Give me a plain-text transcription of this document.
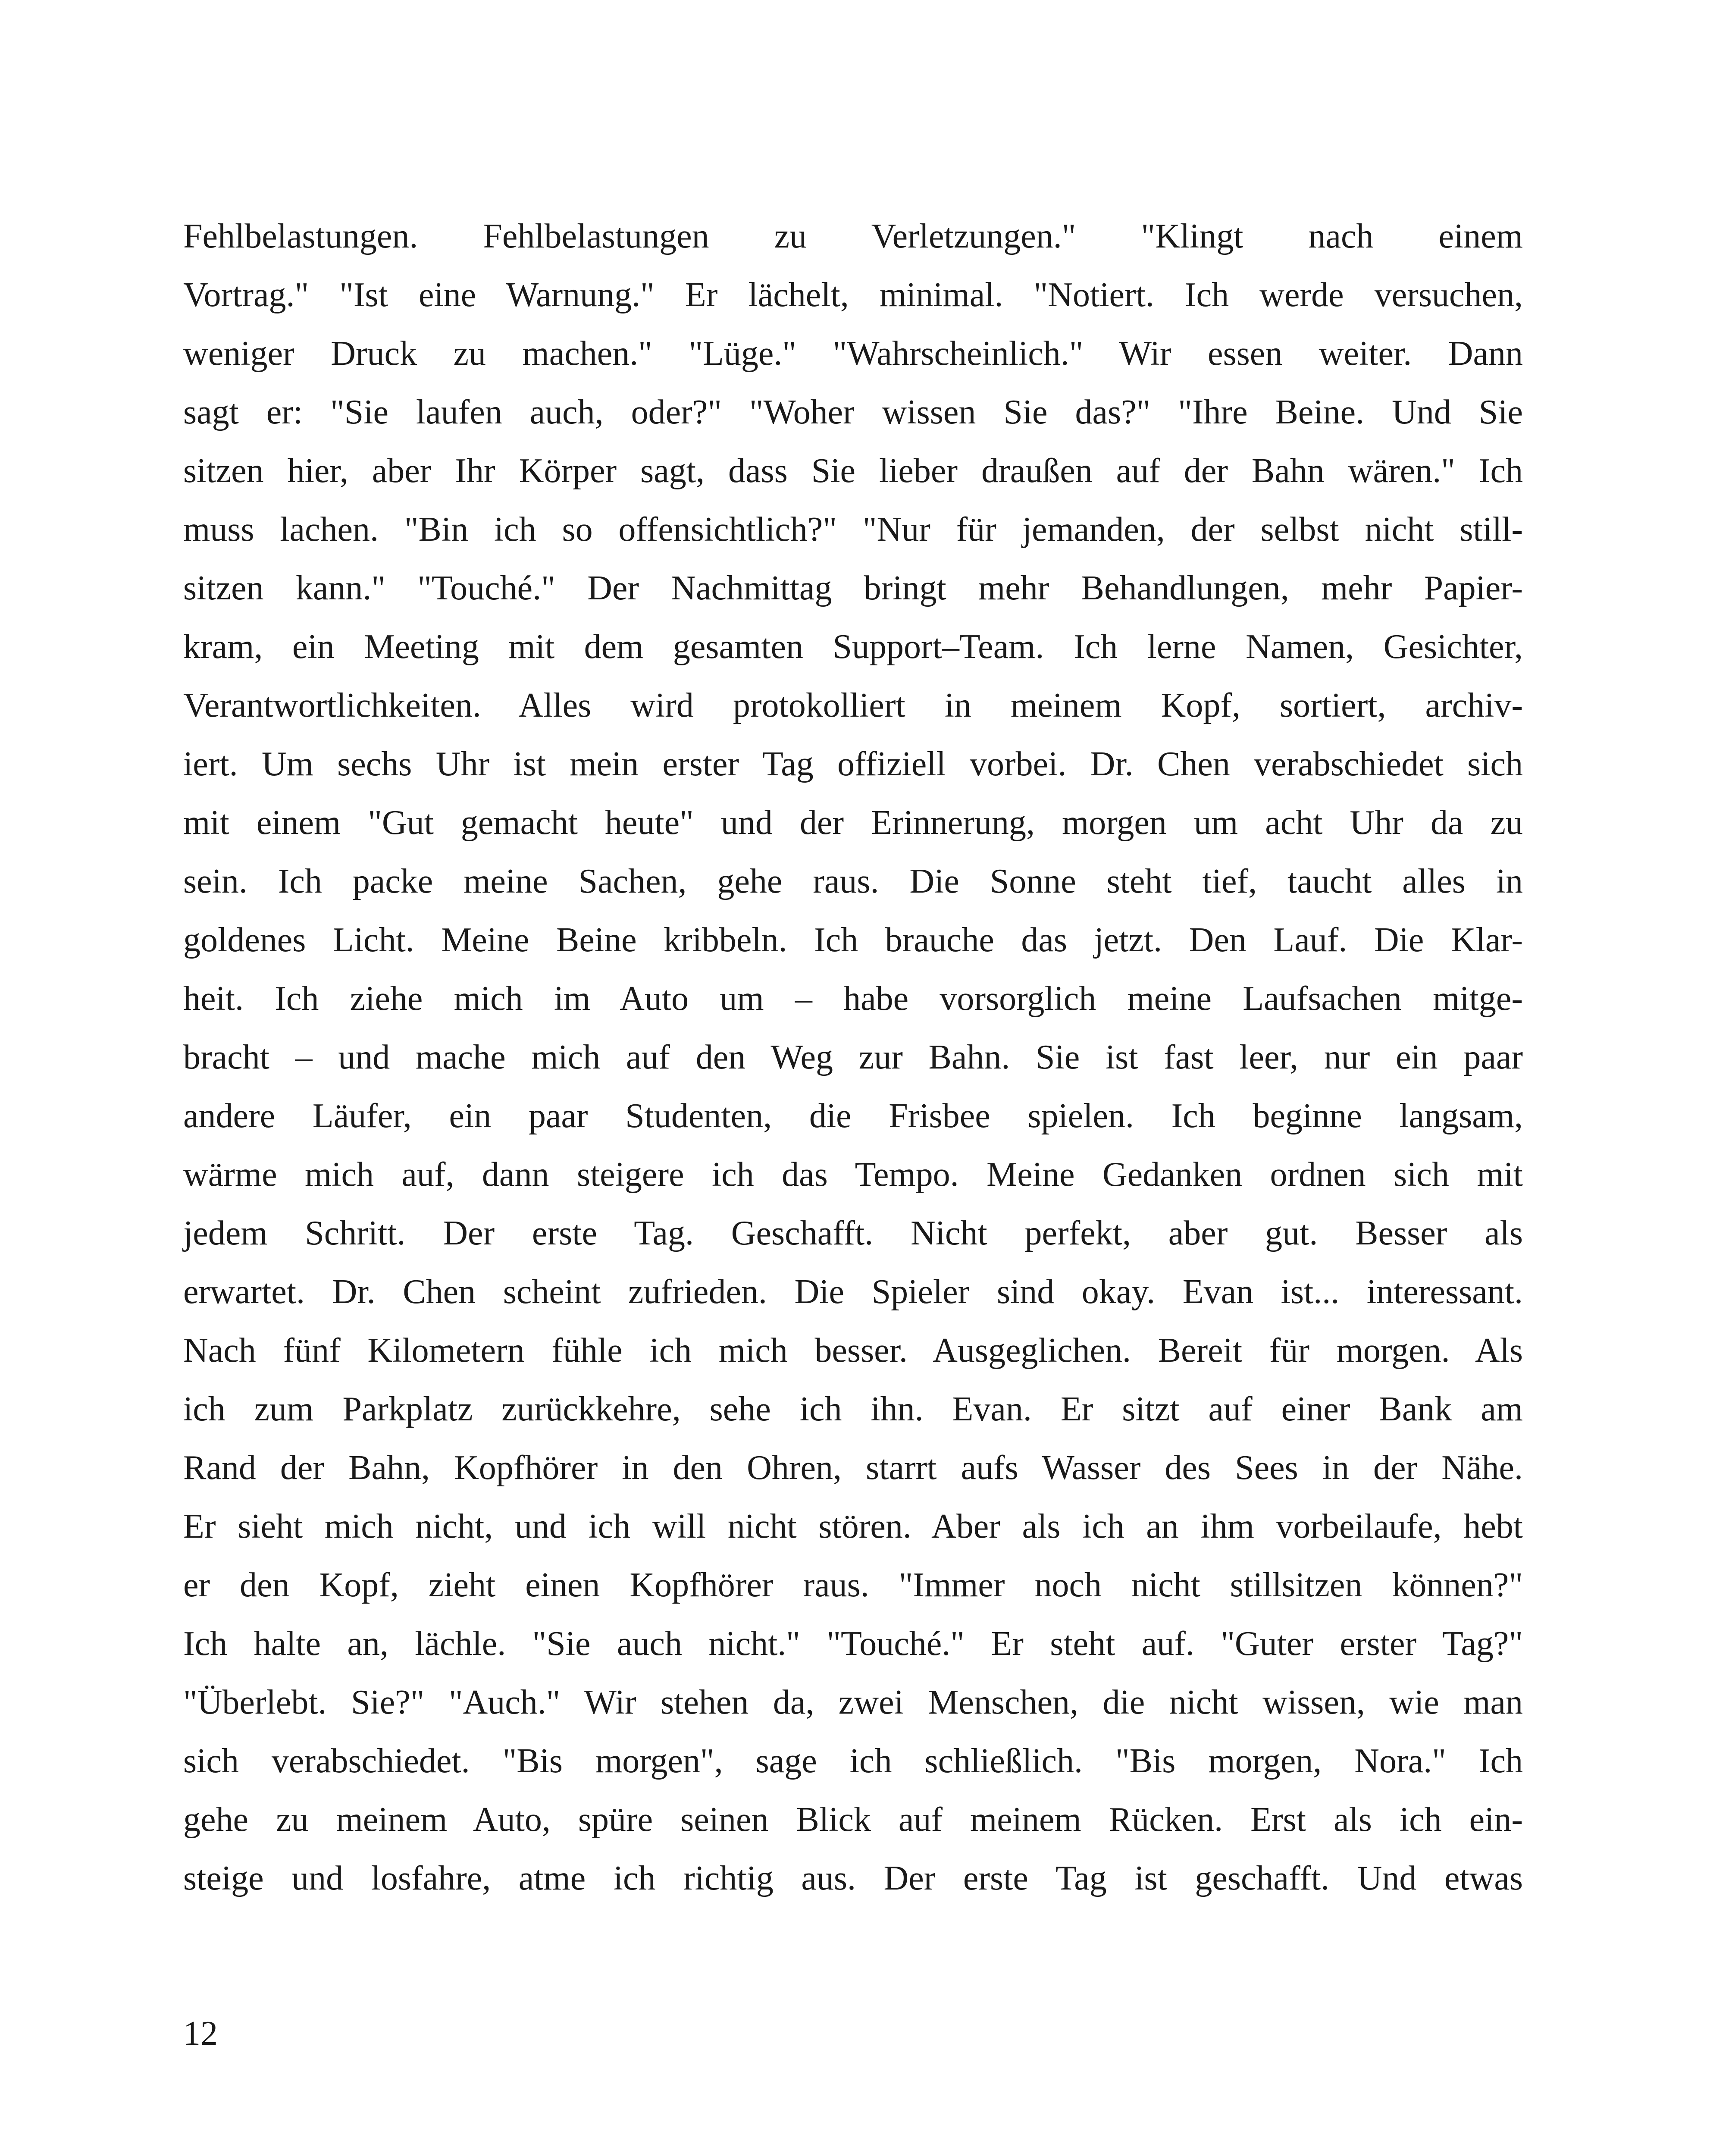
Fehlbelastungen. Fehlbelastungen zu Verletzungen." "Klingt nach einem
Vortrag." "Ist eine Warnung." Er lächelt, minimal. "Notiert. Ich werde versuchen,
weniger Druck zu machen." "Lüge." "Wahrscheinlich." Wir essen weiter. Dann
sagt er: "Sie laufen auch, oder?" "Woher wissen Sie das?" "Ihre Beine. Und Sie
sitzen hier, aber Ihr Körper sagt, dass Sie lieber draußen auf der Bahn wären." Ich
muss lachen. "Bin ich so offensichtlich?" "Nur für jemanden, der selbst nicht still-
sitzen kann." "Touché." Der Nachmittag bringt mehr Behandlungen, mehr Papier-
kram, ein Meeting mit dem gesamten Support–Team. Ich lerne Namen, Gesichter,
Verantwortlichkeiten. Alles wird protokolliert in meinem Kopf, sortiert, archiv-
iert. Um sechs Uhr ist mein erster Tag offiziell vorbei. Dr. Chen verabschiedet sich
mit einem "Gut gemacht heute" und der Erinnerung, morgen um acht Uhr da zu
sein. Ich packe meine Sachen, gehe raus. Die Sonne steht tief, taucht alles in
goldenes Licht. Meine Beine kribbeln. Ich brauche das jetzt. Den Lauf. Die Klar-
heit. Ich ziehe mich im Auto um – habe vorsorglich meine Laufsachen mitge-
bracht – und mache mich auf den Weg zur Bahn. Sie ist fast leer, nur ein paar
andere Läufer, ein paar Studenten, die Frisbee spielen. Ich beginne langsam,
wärme mich auf, dann steigere ich das Tempo. Meine Gedanken ordnen sich mit
jedem Schritt. Der erste Tag. Geschafft. Nicht perfekt, aber gut. Besser als
erwartet. Dr. Chen scheint zufrieden. Die Spieler sind okay. Evan ist... interessant.
Nach fünf Kilometern fühle ich mich besser. Ausgeglichen. Bereit für morgen. Als
ich zum Parkplatz zurückkehre, sehe ich ihn. Evan. Er sitzt auf einer Bank am
Rand der Bahn, Kopfhörer in den Ohren, starrt aufs Wasser des Sees in der Nähe.
Er sieht mich nicht, und ich will nicht stören. Aber als ich an ihm vorbeilaufe, hebt
er den Kopf, zieht einen Kopfhörer raus. "Immer noch nicht stillsitzen können?"
Ich halte an, lächle. "Sie auch nicht." "Touché." Er steht auf. "Guter erster Tag?"
"Überlebt. Sie?" "Auch." Wir stehen da, zwei Menschen, die nicht wissen, wie man
sich verabschiedet. "Bis morgen", sage ich schließlich. "Bis morgen, Nora." Ich
gehe zu meinem Auto, spüre seinen Blick auf meinem Rücken. Erst als ich ein-
steige und losfahre, atme ich richtig aus. Der erste Tag ist geschafft. Und etwas
12
